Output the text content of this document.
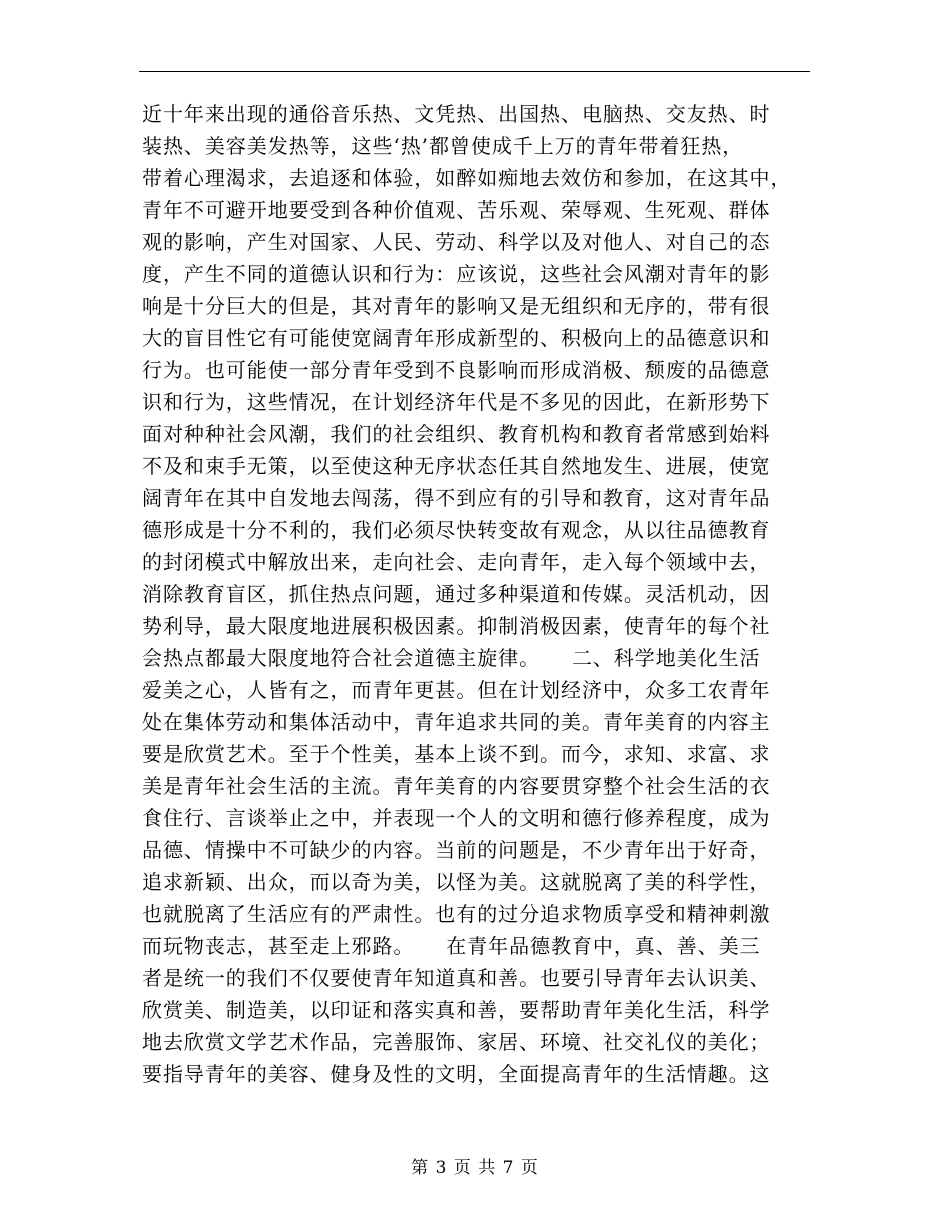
近十年来出现的通俗音乐热、文凭热、出国热、电脑热、交友热、时
装热、美容美发热等，这些‘热’都曾使成千上万的青年带着狂热，
带着心理渴求，去追逐和体验，如醉如痴地去效仿和参加，在这其中，
青年不可避开地要受到各种价值观、苦乐观、荣辱观、生死观、群体
观的影响，产生对国家、人民、劳动、科学以及对他人、对自己的态
度，产生不同的道德认识和行为：应该说，这些社会风潮对青年的影
响是十分巨大的但是，其对青年的影响又是无组织和无序的，带有很
大的盲目性它有可能使宽阔青年形成新型的、积极向上的品德意识和
行为。也可能使一部分青年受到不良影响而形成消极、颓废的品德意
识和行为，这些情况，在计划经济年代是不多见的因此，在新形势下
面对种种社会风潮，我们的社会组织、教育机构和教育者常感到始料
不及和束手无策，以至使这种无序状态任其自然地发生、进展，使宽
阔青年在其中自发地去闯荡，得不到应有的引导和教育，这对青年品
德形成是十分不利的，我们必须尽快转变故有观念，从以往品德教育
的封闭模式中解放出来，走向社会、走向青年，走入每个领域中去，
消除教育盲区，抓住热点问题，通过多种渠道和传媒。灵活机动，因
势利导，最大限度地进展积极因素。抑制消极因素，使青年的每个社
会热点都最大限度地符合社会道德主旋律。　　二、科学地美化生活
爱美之心，人皆有之，而青年更甚。但在计划经济中，众多工农青年
处在集体劳动和集体活动中，青年追求共同的美。青年美育的内容主
要是欣赏艺术。至于个性美，基本上谈不到。而今，求知、求富、求
美是青年社会生活的主流。青年美育的内容要贯穿整个社会生活的衣
食住行、言谈举止之中，并表现一个人的文明和德行修养程度，成为
品德、情操中不可缺少的内容。当前的问题是，不少青年出于好奇，
追求新颖、出众，而以奇为美，以怪为美。这就脱离了美的科学性，
也就脱离了生活应有的严肃性。也有的过分追求物质享受和精神刺激
而玩物丧志，甚至走上邪路。　　在青年品德教育中，真、善、美三
者是统一的我们不仅要使青年知道真和善。也要引导青年去认识美、
欣赏美、制造美，以印证和落实真和善，要帮助青年美化生活，科学
地去欣赏文学艺术作品，完善服饰、家居、环境、社交礼仪的美化；
要指导青年的美容、健身及性的文明，全面提高青年的生活情趣。这
第 3 页 共 7 页
